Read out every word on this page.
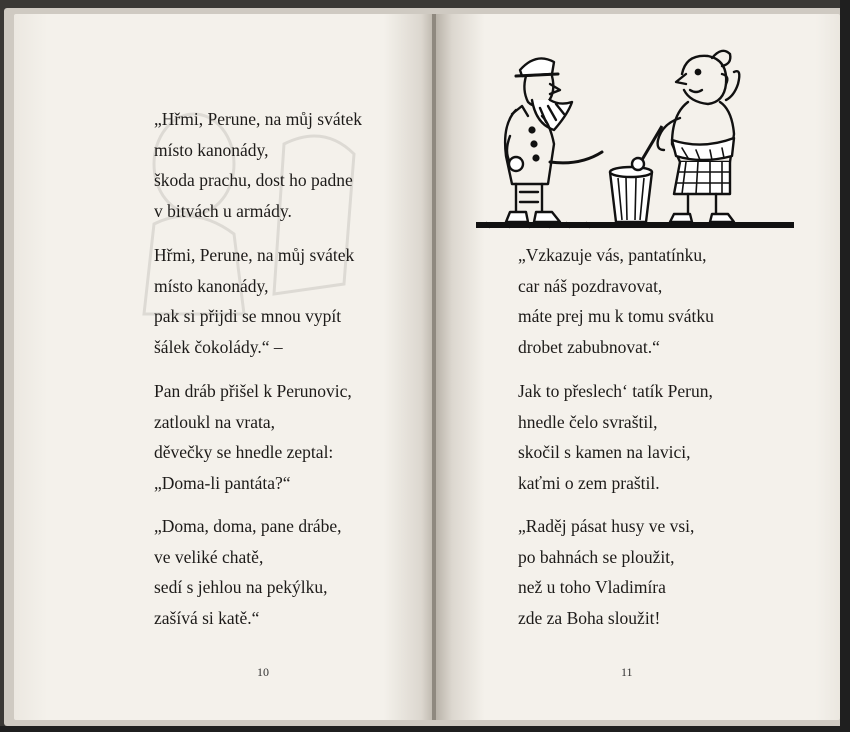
„Hřmi, Perune, na můj svátek
místo kanonády,
škoda prachu, dost ho padne
v bitvách u armády.
Hřmi, Perune, na můj svátek
místo kanonády,
pak si přijdi se mnou vypít
šálek čokolády.“ –
Pan dráb přišel k Perunovic,
zatloukl na vrata,
děvečky se hnedle zeptal:
„Doma-li pantáta?“
„Doma, doma, pane drábe,
ve veliké chatě,
sedí s jehlou na pekýlku,
zašívá si katě.“
10
„Vzkazuje vás, pantatínku,
car náš pozdravovat,
máte prej mu k tomu svátku
drobet zabubnovat.“
Jak to přeslech‘ tatík Perun,
hnedle čelo svraštil,
skočil s kamen na lavici,
kaťmi o zem praštil.
„Raděj pásat husy ve vsi,
po bahnách se ploužit,
než u toho Vladimíra
zde za Boha sloužit!
11
